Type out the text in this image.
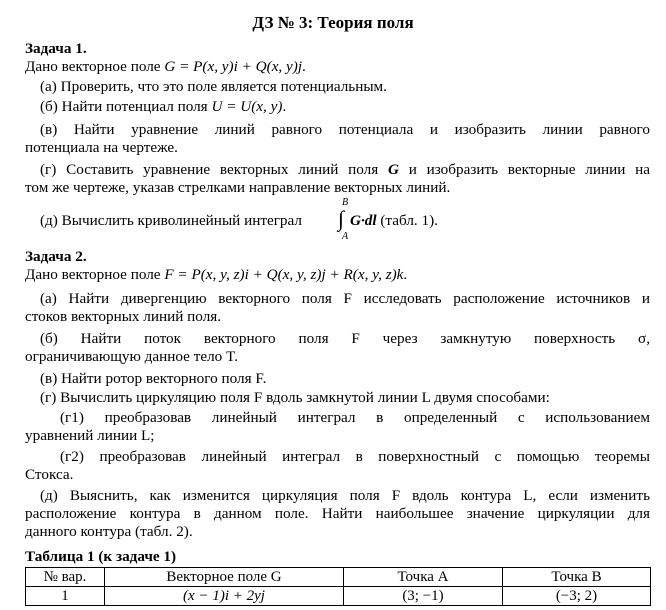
ДЗ № 3: Теория поля
Задача 1.
Дано векторное поле G = P(x, y)i + Q(x, y)j.
(а) Проверить, что это поле является потенциальным.
(б) Найти потенциал поля U = U(x, y).
(в) Найти уравнение линий равного потенциала и изобразить линии равного
потенциала на чертеже.
(г) Составить уравнение векторных линий поля G и изобразить векторные линии на
том же чертеже, указав стрелками направление векторных линий.
(д) Вычислить криволинейный интеграл
B
∫
A
G·dl (табл. 1).
Задача 2.
Дано векторное поле F = P(x, y, z)i + Q(x, y, z)j + R(x, y, z)k.
(а) Найти дивергенцию векторного поля F исследовать расположение источников и
стоков векторных линий поля.
(б) Найти поток векторного поля F через замкнутую поверхность σ,
ограничивающую данное тело T.
(в) Найти ротор векторного поля F.
(г) Вычислить циркуляцию поля F вдоль замкнутой линии L двумя способами:
(г1) преобразовав линейный интеграл в определенный с использованием
уравнений линии L;
(г2) преобразовав линейный интеграл в поверхностный с помощью теоремы
Стокса.
(д) Выяснить, как изменится циркуляция поля F вдоль контура L, если изменить
расположение контура в данном поле. Найти наибольшее значение циркуляции для
данного контура (табл. 2).
Таблица 1 (к задаче 1)
№ вар.	Векторное поле G	Точка A	Точка B
1	(x − 1)i + 2yj	(3; −1)	(−3; 2)
